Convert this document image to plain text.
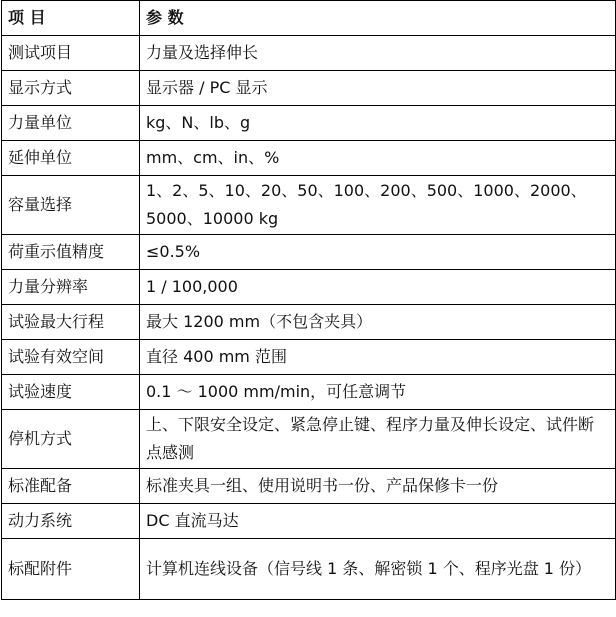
项 目	参 数
测试项目	力量及选择伸长
显示方式	显示器 / PC 显示
力量单位	kg、N、lb、g
延伸单位	mm、cm、in、%
容量选择	1、2、5、10、20、50、100、200、500、1000、2000、5000、10000 kg
荷重示值精度	≤0.5%
力量分辨率	1 / 100,000
试验最大行程	最大 1200 mm（不包含夹具）
试验有效空间	直径 400 mm 范围
试验速度	0.1 ～ 1000 mm/min，可任意调节
停机方式	上、下限安全设定、紧急停止键、程序力量及伸长设定、试件断点感测
标准配备	标准夹具一组、使用说明书一份、产品保修卡一份
动力系统	DC 直流马达
标配附件	计算机连线设备（信号线 1 条、解密锁 1 个、程序光盘 1 份）
